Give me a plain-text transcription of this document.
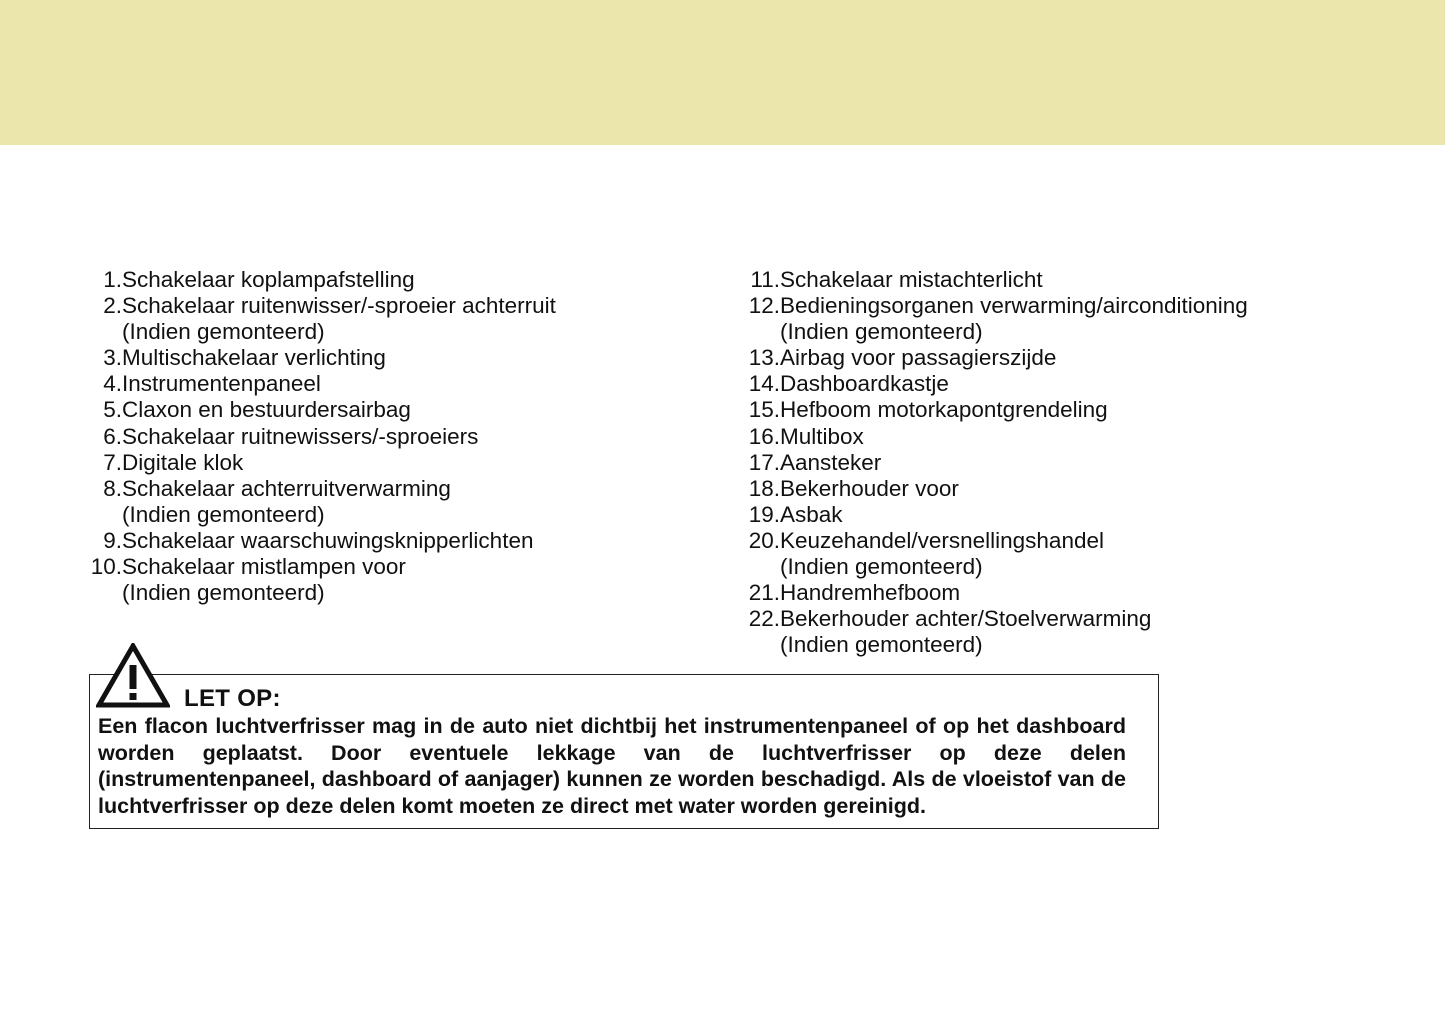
1. Schakelaar koplampafstelling
2. Schakelaar ruitenwisser/-sproeier achterruit
(Indien gemonteerd)
3. Multischakelaar verlichting
4. Instrumentenpaneel
5. Claxon en bestuurdersairbag
6. Schakelaar ruitnewissers/-sproeiers
7. Digitale klok
8. Schakelaar achterruitverwarming
(Indien gemonteerd)
9. Schakelaar waarschuwingsknipperlichten
10. Schakelaar mistlampen voor
(Indien gemonteerd)
11. Schakelaar mistachterlicht
12. Bedieningsorganen verwarming/airconditioning
(Indien gemonteerd)
13. Airbag voor passagierszijde
14. Dashboardkastje
15. Hefboom motorkapontgrendeling
16. Multibox
17. Aansteker
18. Bekerhouder voor
19. Asbak
20. Keuzehandel/versnellingshandel
(Indien gemonteerd)
21. Handremhefboom
22. Bekerhouder achter/Stoelverwarming
(Indien gemonteerd)
LET OP:
Een flacon luchtverfrisser mag in de auto niet dichtbij het instrumentenpaneel of op het dashboard worden geplaatst. Door eventuele lekkage van de luchtverfrisser op deze delen (instrumentenpaneel, dashboard of aanjager) kunnen ze worden beschadigd. Als de vloeistof van de luchtverfrisser op deze delen komt moeten ze direct met water worden gereinigd.
